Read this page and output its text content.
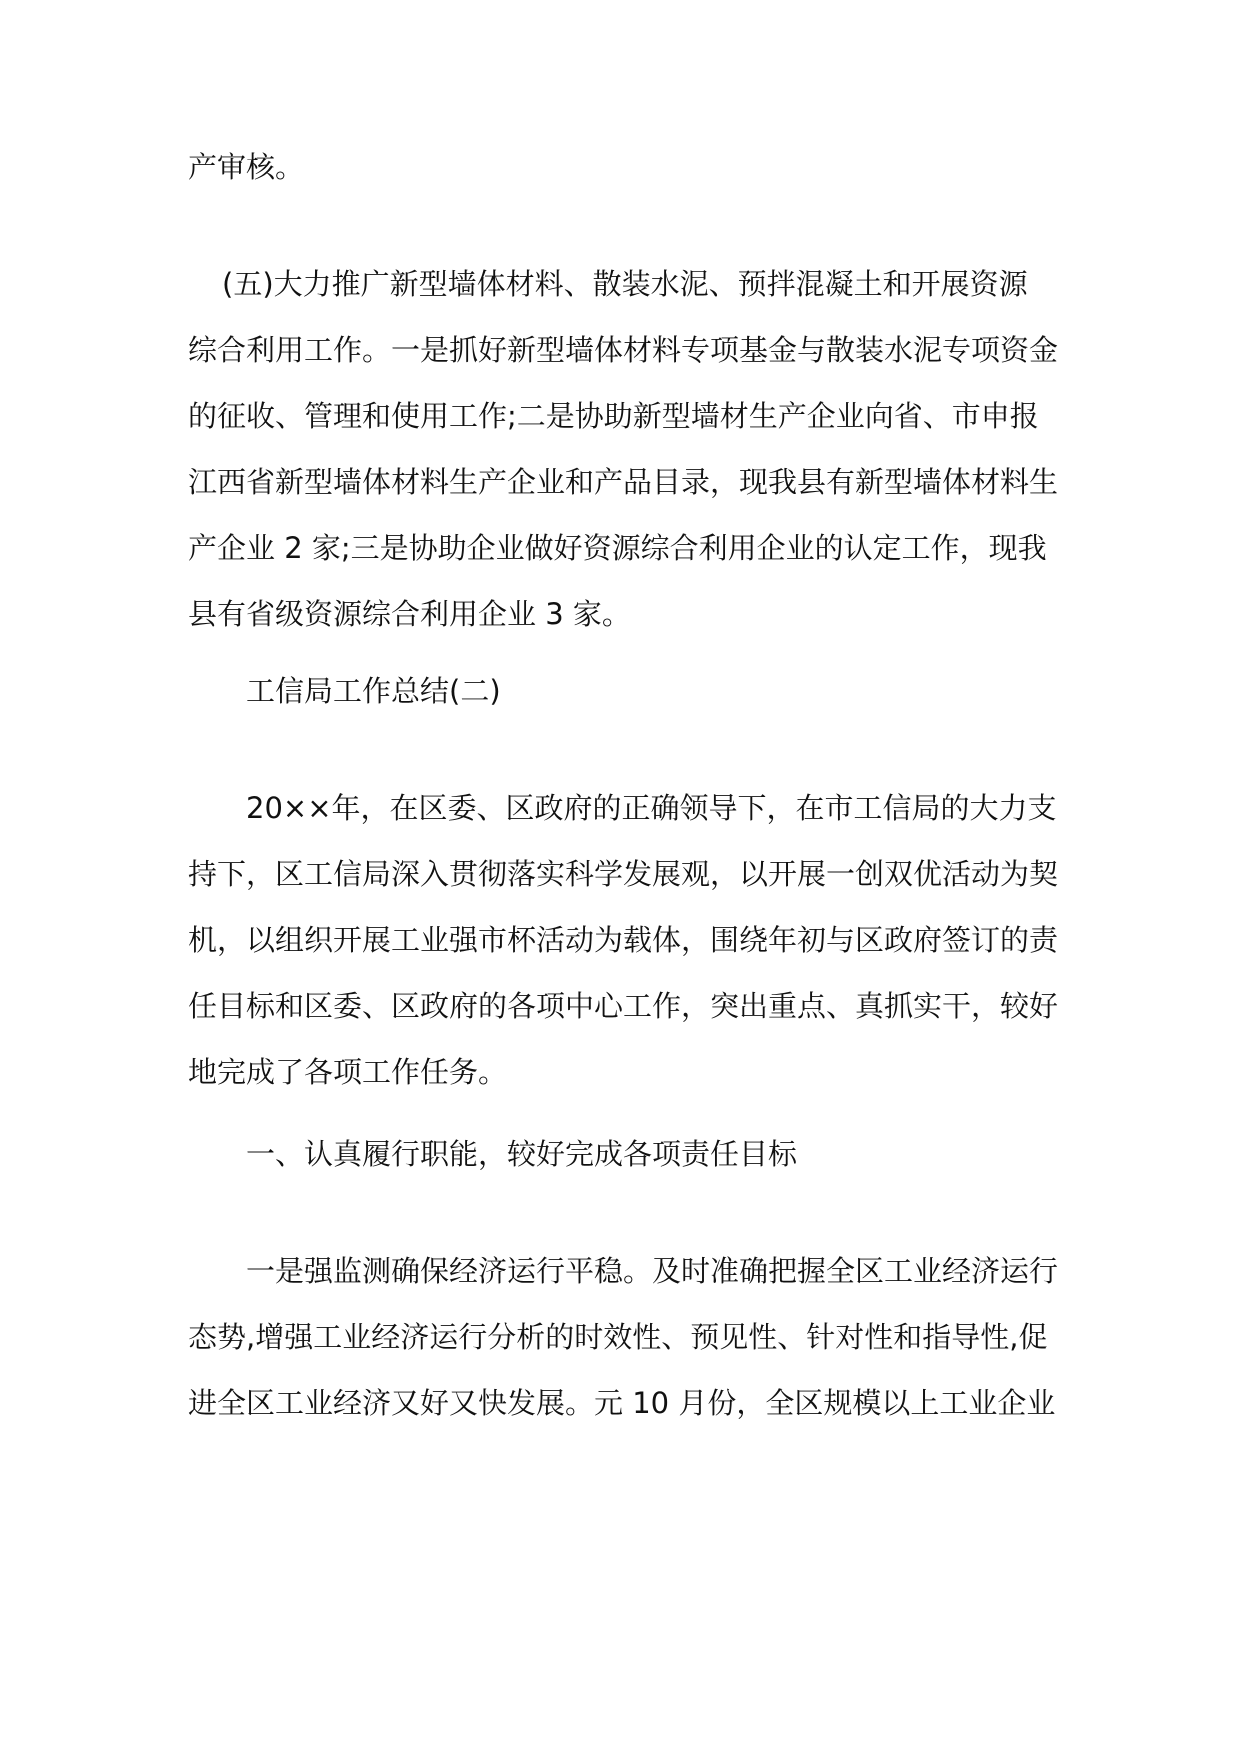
产审核。
(五)大力推广新型墙体材料、散装水泥、预拌混凝土和开展资源
综合利用工作。一是抓好新型墙体材料专项基金与散装水泥专项资金
的征收、管理和使用工作;二是协助新型墙材生产企业向省、市申报
江西省新型墙体材料生产企业和产品目录，现我县有新型墙体材料生
产企业 2 家;三是协助企业做好资源综合利用企业的认定工作，现我
县有省级资源综合利用企业 3 家。
工信局工作总结(二)
20××年，在区委、区政府的正确领导下，在市工信局的大力支
持下，区工信局深入贯彻落实科学发展观，以开展一创双优活动为契
机，以组织开展工业强市杯活动为载体，围绕年初与区政府签订的责
任目标和区委、区政府的各项中心工作，突出重点、真抓实干，较好
地完成了各项工作任务。
一、认真履行职能，较好完成各项责任目标
一是强监测确保经济运行平稳。及时准确把握全区工业经济运行
态势,增强工业经济运行分析的时效性、预见性、针对性和指导性,促
进全区工业经济又好又快发展。元 10 月份，全区规模以上工业企业
